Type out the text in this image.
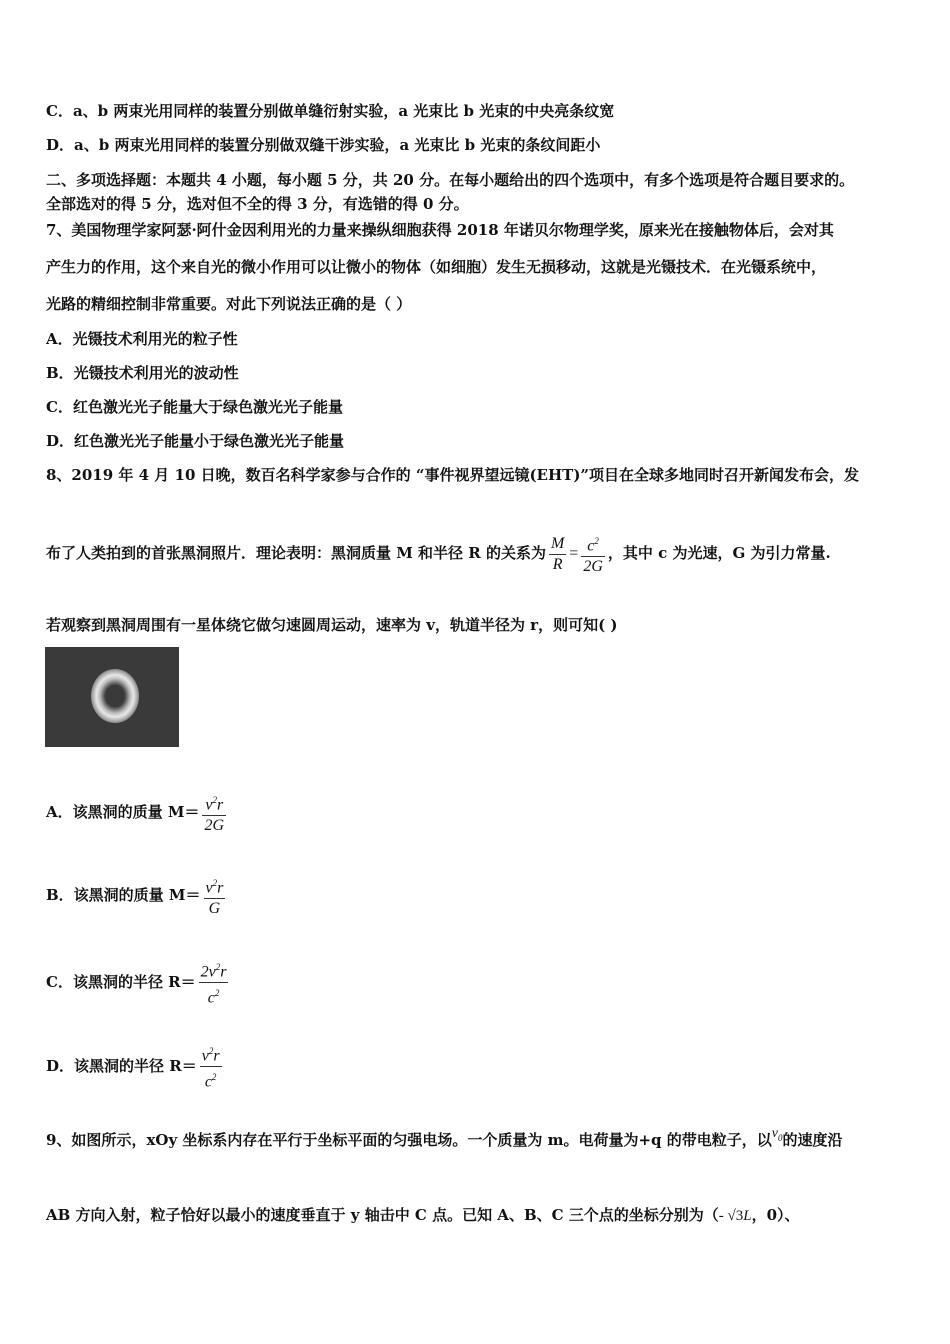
C．a、b 两束光用同样的装置分别做单缝衍射实验，a 光束比 b 光束的中央亮条纹宽
D．a、b 两束光用同样的装置分别做双缝干涉实验，a 光束比 b 光束的条纹间距小
二、多项选择题：本题共 4 小题，每小题 5 分，共 20 分。在每小题给出的四个选项中，有多个选项是符合题目要求的。
全部选对的得 5 分，选对但不全的得 3 分，有选错的得 0 分。
7、美国物理学家阿瑟·阿什金因利用光的力量来操纵细胞获得 2018 年诺贝尔物理学奖，原来光在接触物体后，会对其
产生力的作用，这个来自光的微小作用可以让微小的物体（如细胞）发生无损移动，这就是光镊技术．在光镊系统中，
光路的精细控制非常重要。对此下列说法正确的是（ ）
A．光镊技术利用光的粒子性
B．光镊技术利用光的波动性
C．红色激光光子能量大于绿色激光光子能量
D．红色激光光子能量小于绿色激光光子能量
8、2019 年 4 月 10 日晚，数百名科学家参与合作的 “事件视界望远镜(EHT)”项目在全球多地同时召开新闻发布会，发
布了人类拍到的首张黑洞照片．理论表明：黑洞质量 M 和半径 R 的关系为 $\frac{M}{R} = \frac{c^2}{2G}$ ，其中 c 为光速，G 为引力常量.
若观察到黑洞周围有一星体绕它做匀速圆周运动，速率为 v，轨道半径为 r，则可知( )
A．该黑洞的质量 $M= \frac{v^2r}{2G}$
B．该黑洞的质量 $M= \frac{v^2r}{G}$
C．该黑洞的半径 $R= \frac{2v^2r}{c^2}$
D．该黑洞的半径 $R= \frac{v^2r}{c^2}$
9、如图所示，xOy 坐标系内存在平行于坐标平面的匀强电场。一个质量为 m。电荷量为+q 的带电粒子，以$v_0$的速度沿
AB 方向入射，粒子恰好以最小的速度垂直于 y 轴击中 C 点。已知 A、B、C 三个点的坐标分别为（- √3L，0）、
